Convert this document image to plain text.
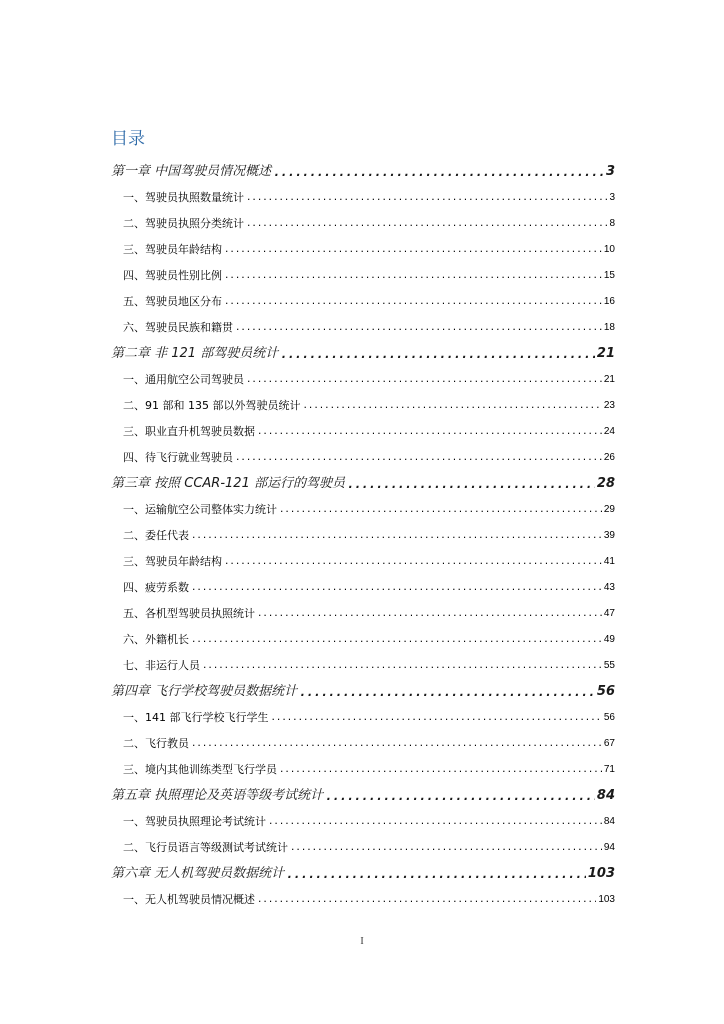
目录
第一章 中国驾驶员情况概述 .....	3
一、驾驶员执照数量统计 .....	3
二、驾驶员执照分类统计 .....	8
三、驾驶员年龄结构 .....	10
四、驾驶员性别比例 .....	15
五、驾驶员地区分布 .....	16
六、驾驶员民族和籍贯 .....	18
第二章 非 121 部驾驶员统计 .....	21
一、通用航空公司驾驶员 .....	21
二、91 部和 135 部以外驾驶员统计 .....	23
三、职业直升机驾驶员数据 .....	24
四、待飞行就业驾驶员 .....	26
第三章 按照 CCAR-121 部运行的驾驶员 .....	28
一、运输航空公司整体实力统计 .....	29
二、委任代表 .....	39
三、驾驶员年龄结构 .....	41
四、疲劳系数 .....	43
五、各机型驾驶员执照统计 .....	47
六、外籍机长 .....	49
七、非运行人员 .....	55
第四章 飞行学校驾驶员数据统计 .....	56
一、141 部飞行学校飞行学生 .....	56
二、飞行教员 .....	67
三、境内其他训练类型飞行学员 .....	71
第五章 执照理论及英语等级考试统计 .....	84
一、驾驶员执照理论考试统计 .....	84
二、飞行员语言等级测试考试统计 .....	94
第六章 无人机驾驶员数据统计 .....	103
一、无人机驾驶员情况概述 .....	103
I
